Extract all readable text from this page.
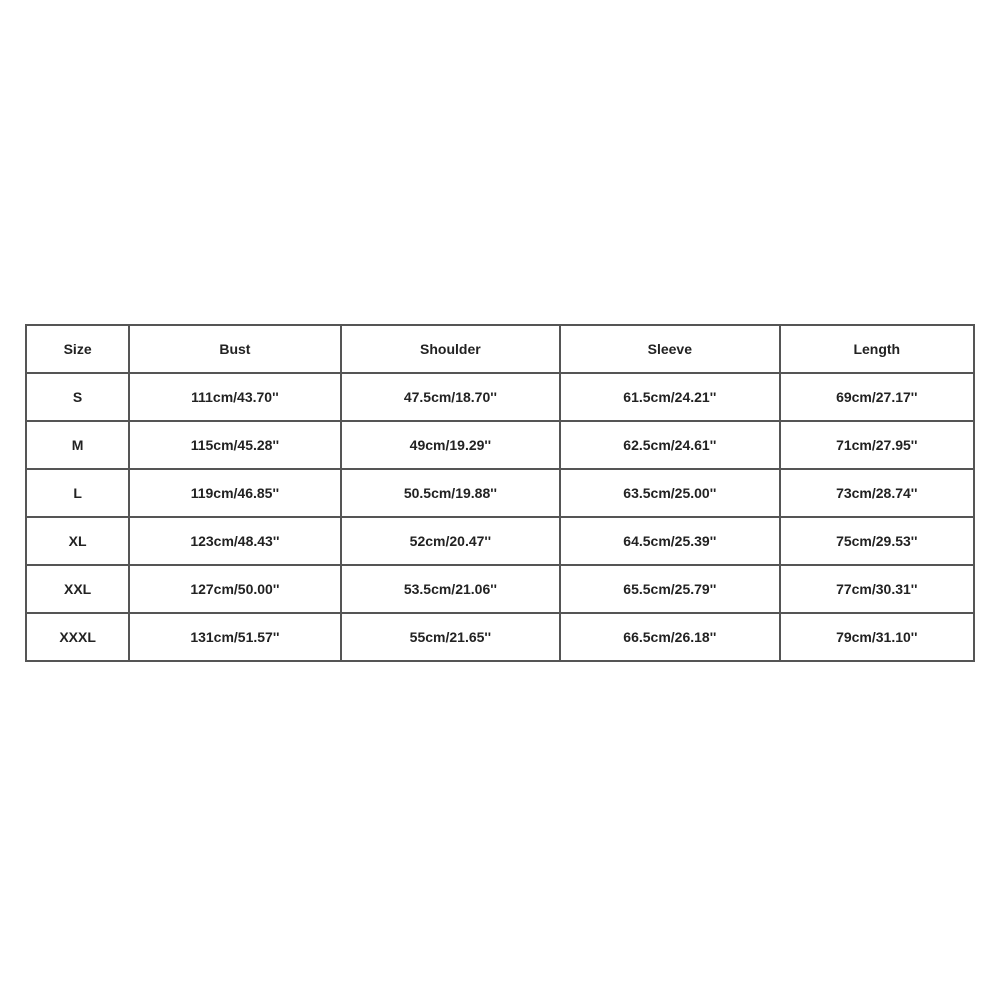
Size	Bust	Shoulder	Sleeve	Length
S	111cm/43.70''	47.5cm/18.70''	61.5cm/24.21''	69cm/27.17''
M	115cm/45.28''	49cm/19.29''	62.5cm/24.61''	71cm/27.95''
L	119cm/46.85''	50.5cm/19.88''	63.5cm/25.00''	73cm/28.74''
XL	123cm/48.43''	52cm/20.47''	64.5cm/25.39''	75cm/29.53''
XXL	127cm/50.00''	53.5cm/21.06''	65.5cm/25.79''	77cm/30.31''
XXXL	131cm/51.57''	55cm/21.65''	66.5cm/26.18''	79cm/31.10''
